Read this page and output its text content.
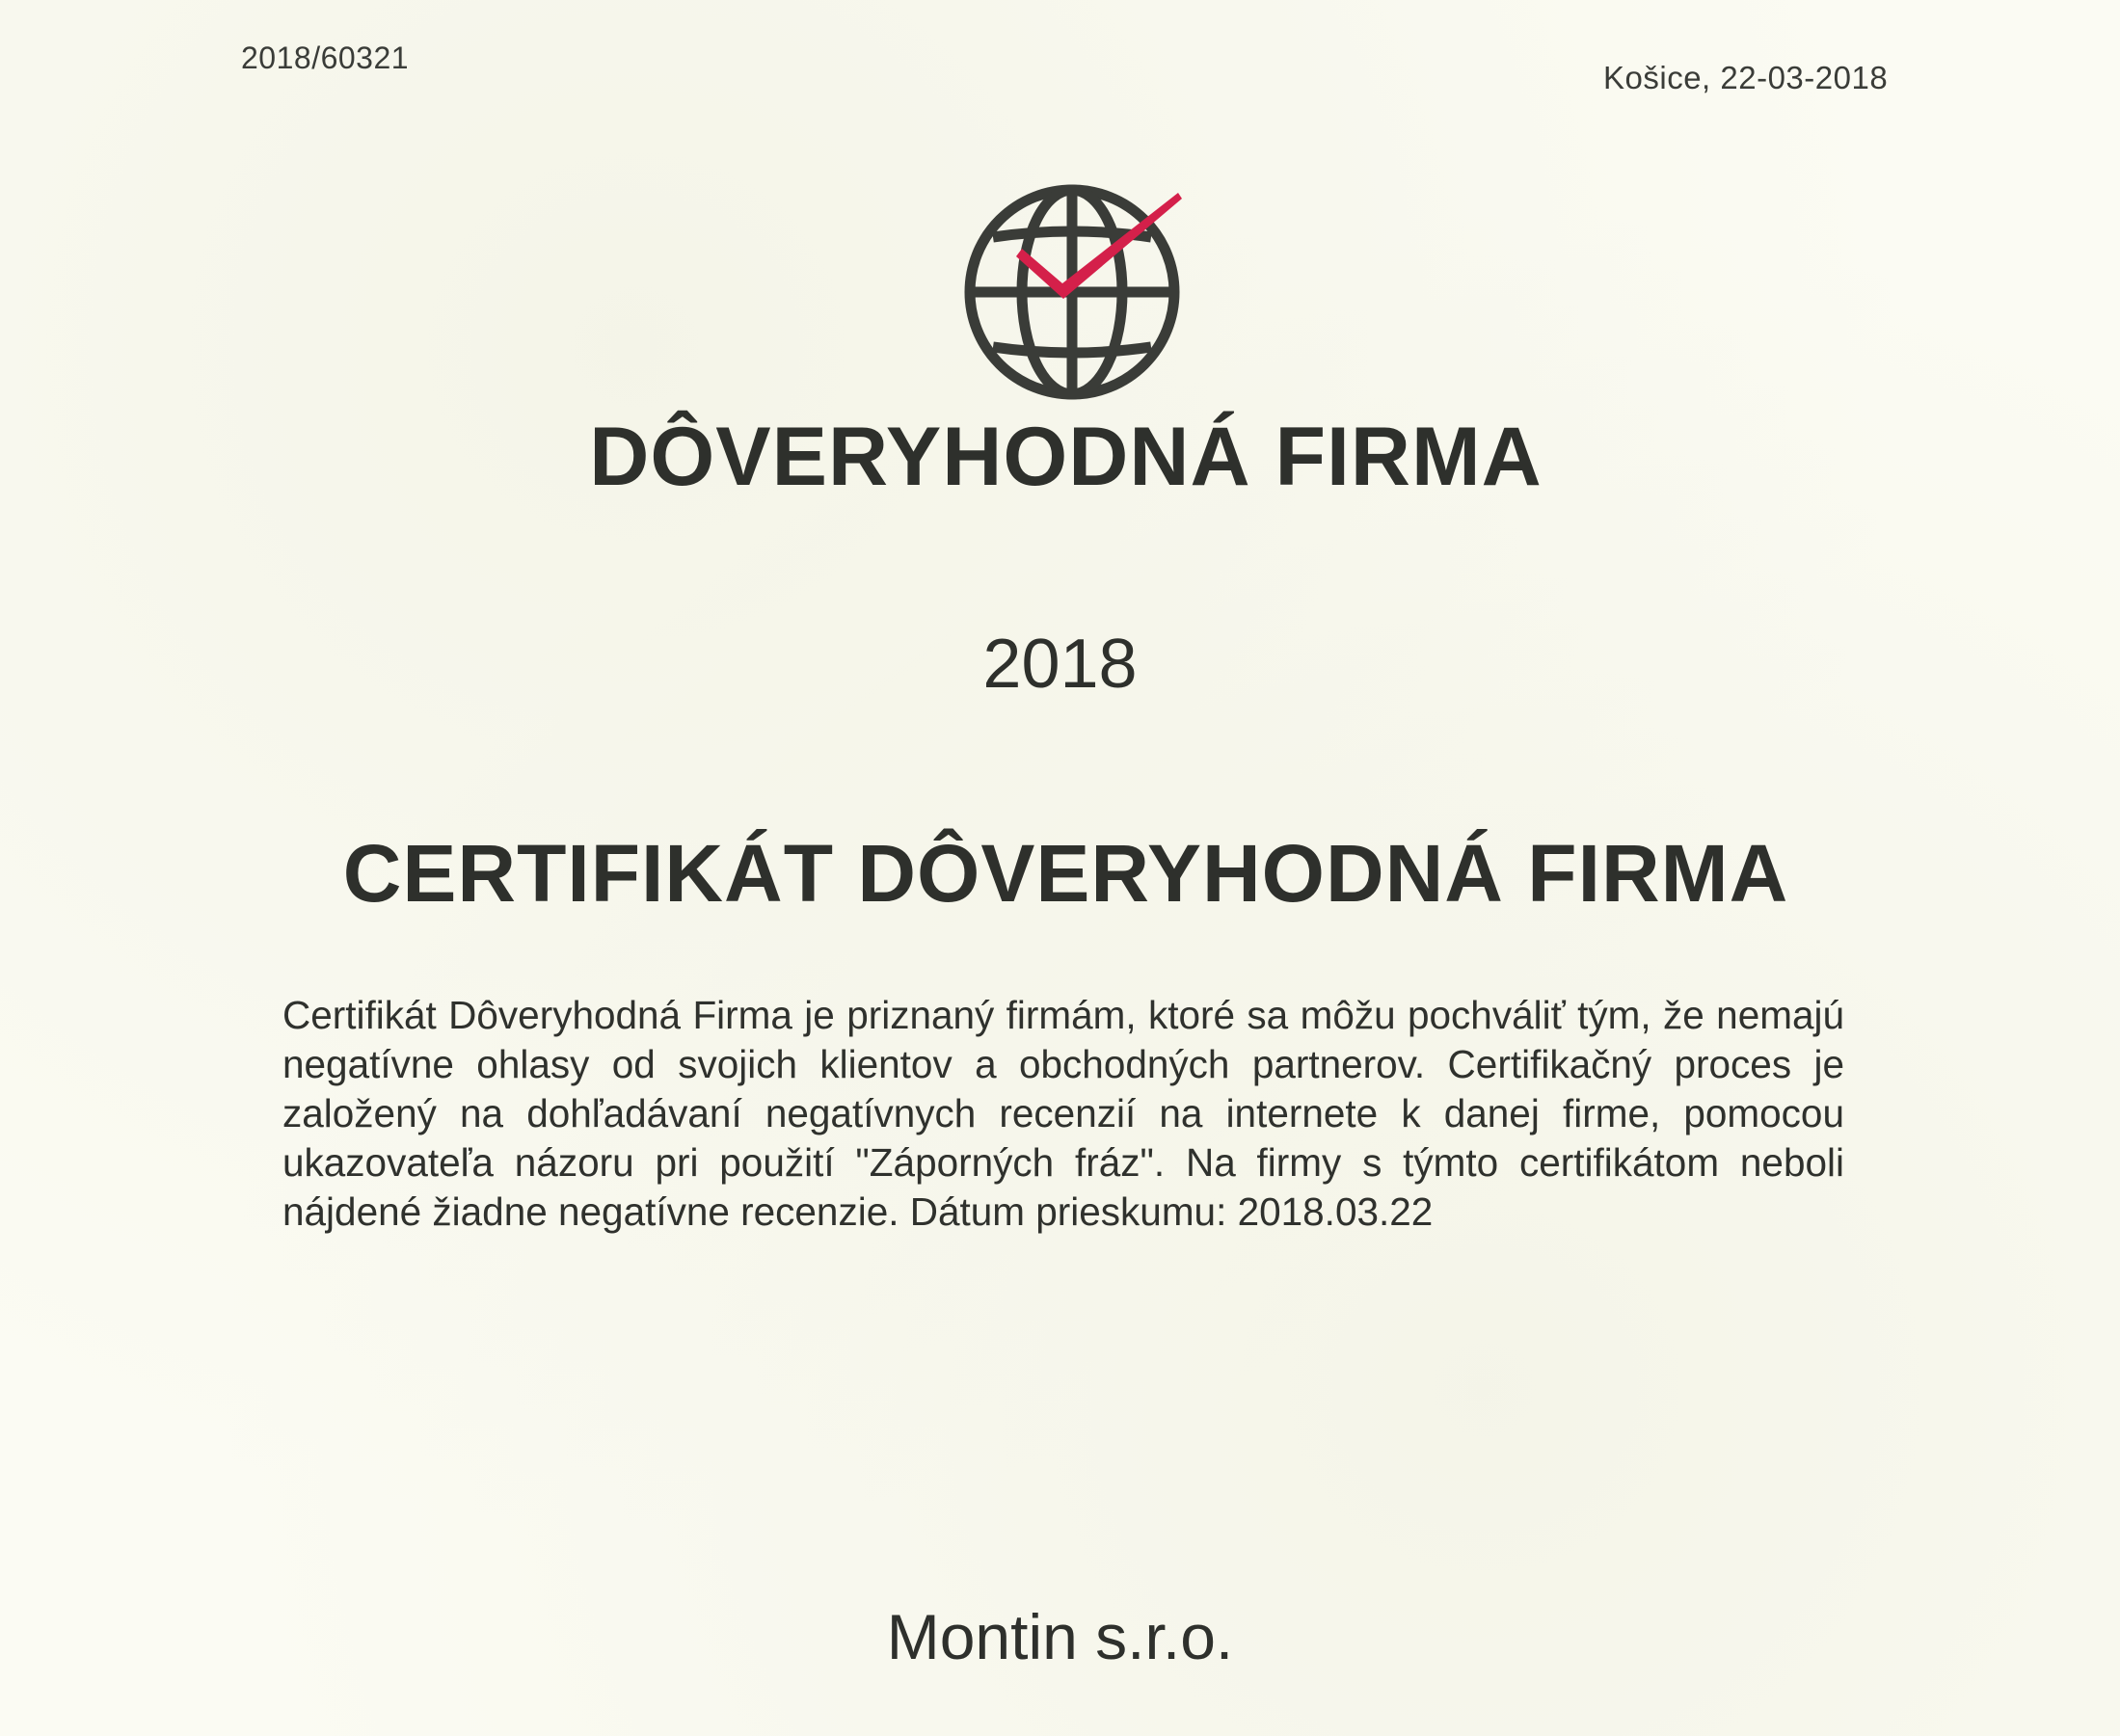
2018/60321
Košice, 22-03-2018
DÔVERYHODNÁ FIRMA
2018
CERTIFIKÁT DÔVERYHODNÁ FIRMA
Certifikát Dôveryhodná Firma je priznaný firmám, ktoré sa môžu pochváliť tým, že nemajú negatívne ohlasy od svojich klientov a obchodných partnerov. Certifikačný proces je založený na dohľadávaní negatívnych recenzií na internete k danej firme, pomocou ukazovateľa názoru pri použití "Záporných fráz". Na firmy s týmto certifikátom neboli nájdené žiadne negatívne recenzie. Dátum prieskumu: 2018.03.22
Montin s.r.o.
